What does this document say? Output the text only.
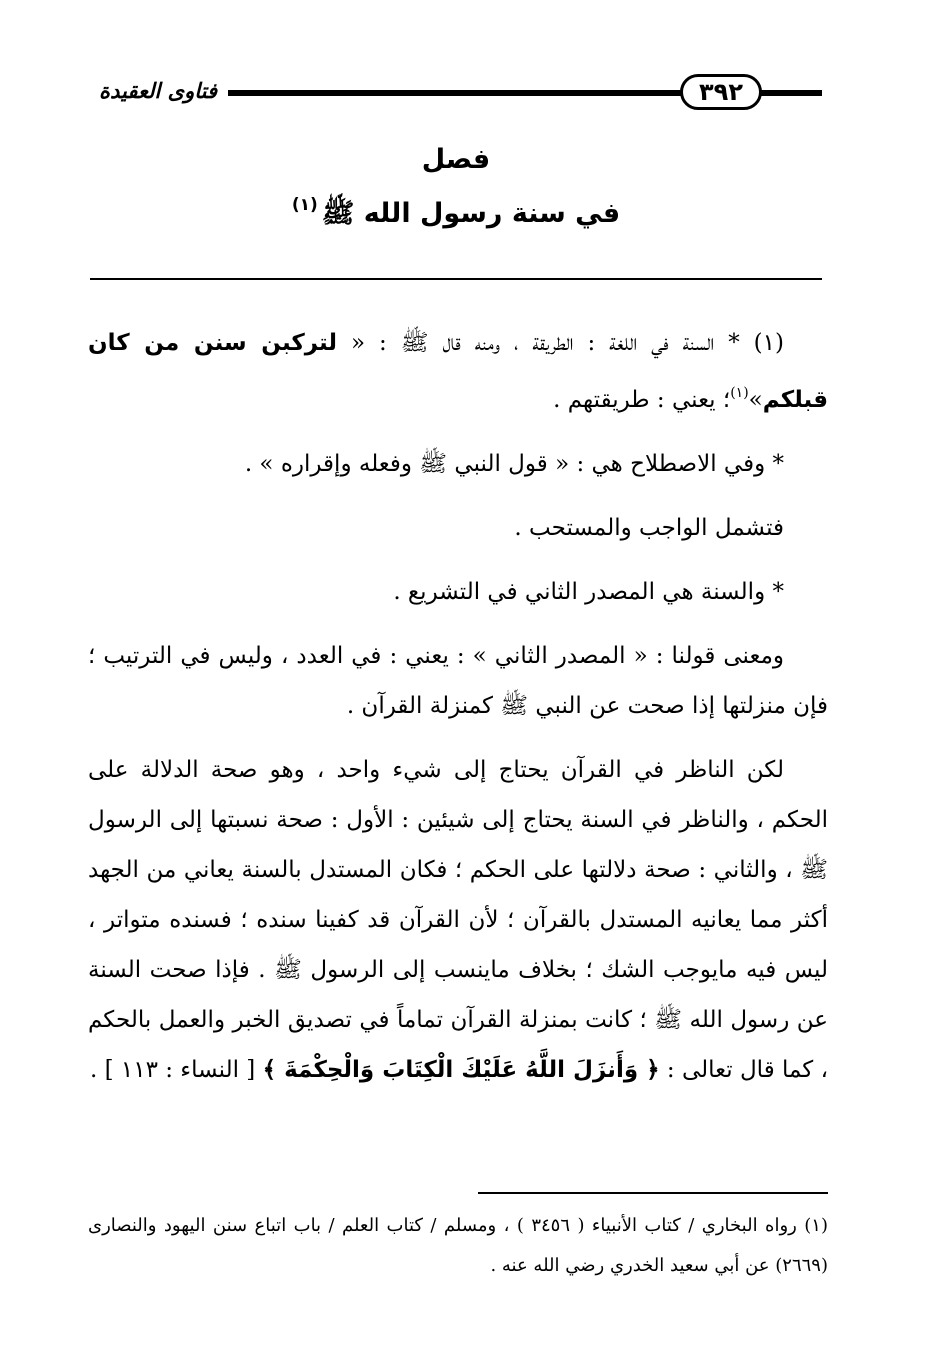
٣٩٢
فتاوى العقيدة
فصل
في سنة رسول الله ﷺ$^{(١)}$

(١) * السنة في اللغة : الطريقة ، ومنه قال ﷺ : « لتركبن سنن من كان قبلكم»$^{(١)}$؛ يعني : طريقتهم .

* وفي الاصطلاح هي : « قول النبي ﷺ وفعله وإقراره » .

فتشمل الواجب والمستحب .

* والسنة هي المصدر الثاني في التشريع .

ومعنى قولنا : « المصدر الثاني » : يعني : في العدد ، وليس في الترتيب ؛ فإن منزلتها إذا صحت عن النبي ﷺ كمنزلة القرآن .

لكن الناظر في القرآن يحتاج إلى شيء واحد ، وهو صحة الدلالة على الحكم ، والناظر في السنة يحتاج إلى شيئين : الأول : صحة نسبتها إلى الرسول ﷺ ، والثاني : صحة دلالتها على الحكم ؛ فكان المستدل بالسنة يعاني من الجهد أكثر مما يعانيه المستدل بالقرآن ؛ لأن القرآن قد كفينا سنده ؛ فسنده متواتر ، ليس فيه مايوجب الشك ؛ بخلاف ماينسب إلى الرسول ﷺ . فإذا صحت السنة عن رسول الله ﷺ ؛ كانت بمنزلة القرآن تماماً في تصديق الخبر والعمل بالحكم ، كما قال تعالى : ﴿ وَأَنزَلَ اللَّهُ عَلَيْكَ الْكِتَابَ وَالْحِكْمَةَ ﴾ [ النساء : ١١٣ ] .

(١) رواه البخاري / كتاب الأنبياء ( ٣٤٥٦ ) ، ومسلم / كتاب العلم / باب اتباع سنن اليهود والنصارى (٢٦٦٩) عن أبي سعيد الخدري رضي الله عنه .
